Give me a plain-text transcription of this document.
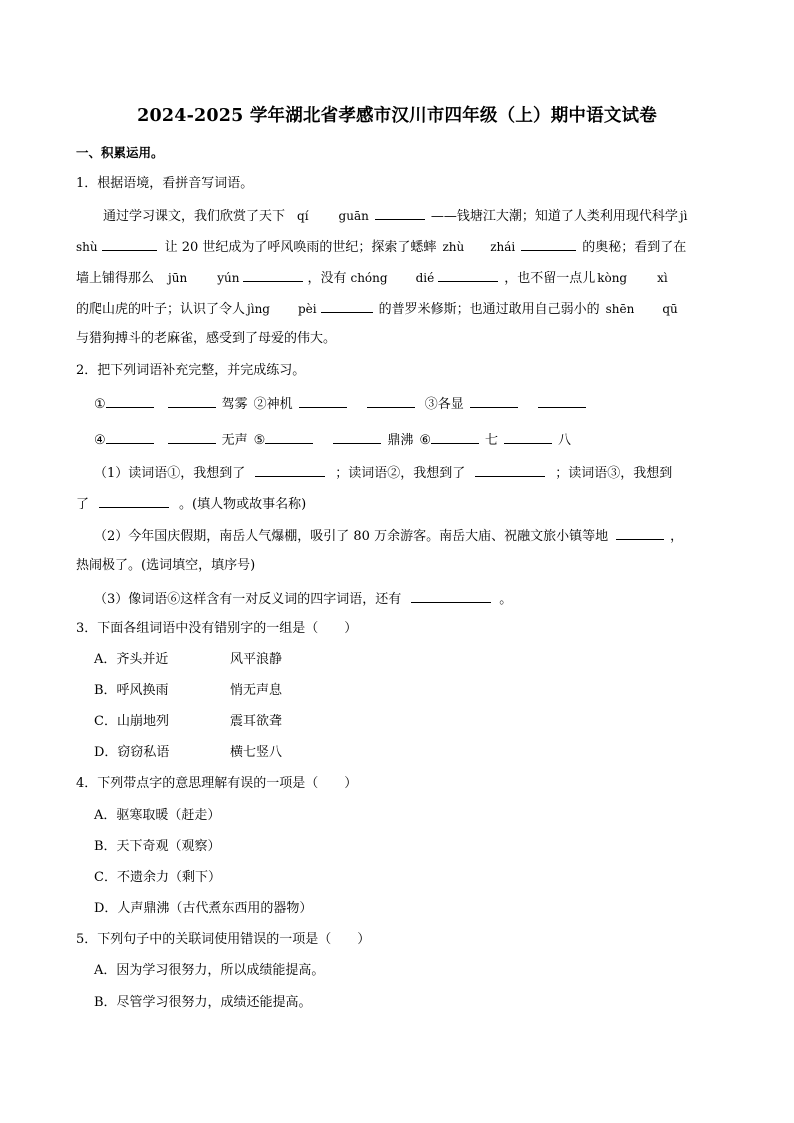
2024-2025 学年湖北省孝感市汉川市四年级（上）期中语文试卷
一、积累运用。
1．根据语境，看拼音写词语。
通过学习课文，我们欣赏了天下 qí	guān	——钱塘江大潮；知道了人类利用现代科学 jì
shù	让 20 世纪成为了呼风唤雨的世纪；探索了蟋蟀 zhù zhái	的奥秘；看到了在
墙上铺得那么 jūn	yún	，没有 chóng dié	，也不留一点儿 kòng	xì
的爬山虎的叶子；认识了令人 jìng pèi	的普罗米修斯；也通过敢用自己弱小的 shēn qū
与猎狗搏斗的老麻雀，感受到了母爱的伟大。
2．把下列词语补充完整，并完成练习。
①	驾雾 ②神机	③各显
④	无声 ⑤	鼎沸 ⑥	七	八
（1）读词语①，我想到了	；读词语②，我想到了	；读词语③，我想到
了	。(填人物或故事名称)
（2）今年国庆假期，南岳人气爆棚，吸引了 80 万余游客。南岳大庙、祝融文旅小镇等地	，
热闹极了。(选词填空，填序号)
（3）像词语⑥这样含有一对反义词的四字词语，还有	。
3．下面各组词语中没有错别字的一组是（　　）
A．齐头并近	风平浪静
B．呼风换雨	悄无声息
C．山崩地列	震耳欲聋
D．窃窃私语	横七竖八
4．下列带点字的意思理解有误的一项是（　　）
A．驱寒取暖（赶走）
B．天下奇观（观察）
C．不遗余力（剩下）
D．人声鼎沸（古代煮东西用的器物）
5．下列句子中的关联词使用错误的一项是（　　）
A．因为学习很努力，所以成绩能提高。
B．尽管学习很努力，成绩还能提高。
